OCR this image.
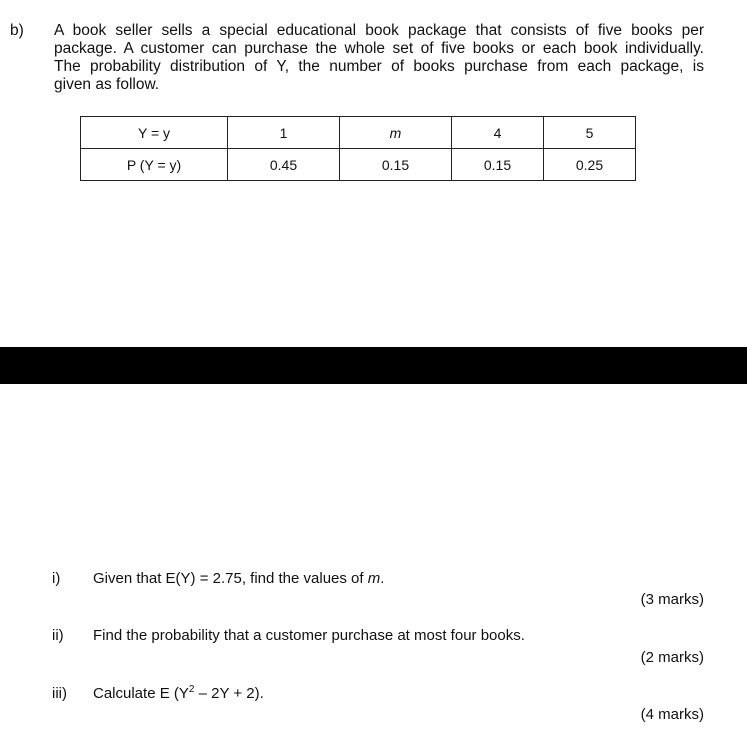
b) A book seller sells a special educational book package that consists of five books per
package. A customer can purchase the whole set of five books or each book individually.
The probability distribution of Y, the number of books purchase from each package, is
given as follow.
Y = y	1	m	4	5
P (Y = y)	0.45	0.15	0.15	0.25
i) Given that E(Y) = 2.75, find the values of m.
(3 marks)
ii) Find the probability that a customer purchase at most four books.
(2 marks)
iii) Calculate E $(Y^2 - 2Y + 2)$.
(4 marks)
